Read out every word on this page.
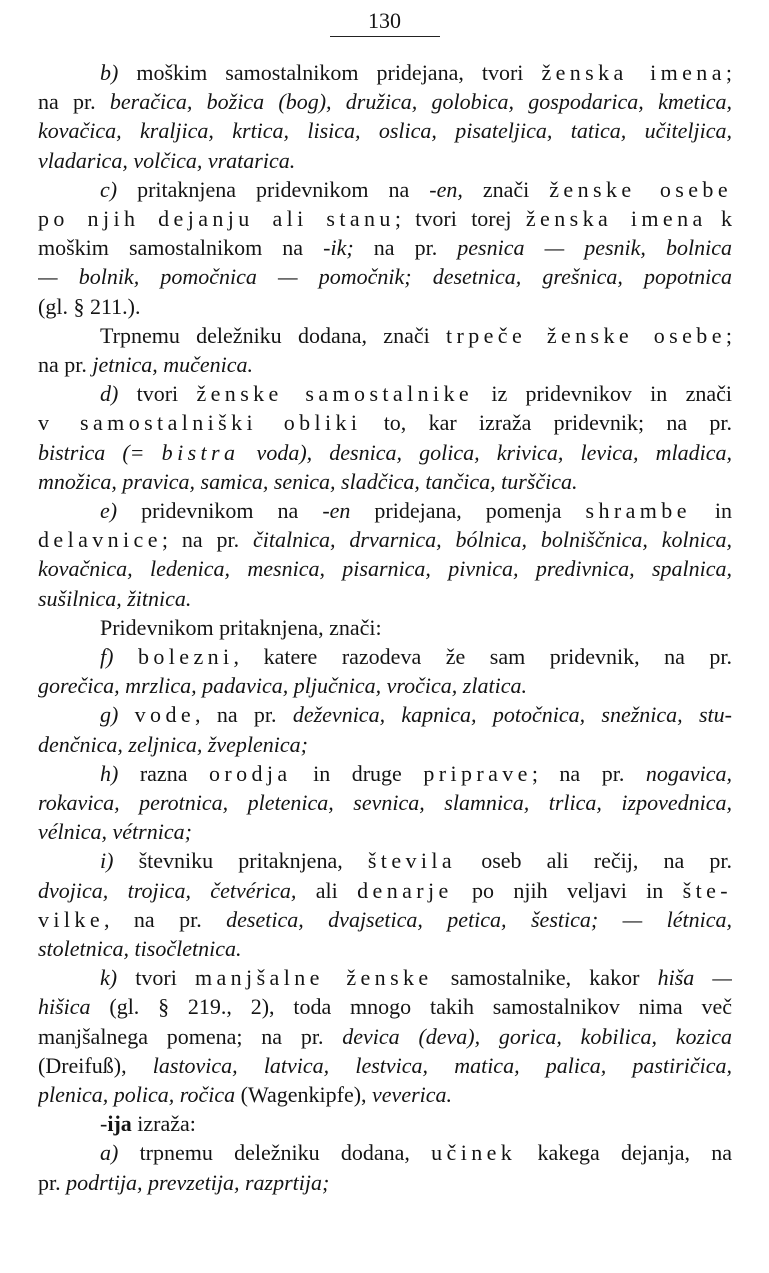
130
b) moškim samostalnikom pridejana, tvori ženska imena;
na pr. beračica, božica (bog), družica, golobica, gospodarica, kmetica,
kovačica, kraljica, krtica, lisica, oslica, pisateljica, tatica, učiteljica,
vladarica, volčica, vratarica.
c) pritaknjena pridevnikom na -en, znači ženske osebe
po njih dejanju ali stanu; tvori torej ženska imena k
moškim samostalnikom na -ik; na pr. pesnica — pesnik, bolnica
— bolnik, pomočnica — pomočnik; desetnica, grešnica, popotnica
(gl. § 211.).
Trpnemu deležniku dodana, znači trpeče ženske osebe;
na pr. jetnica, mučenica.
d) tvori ženske samostalnike iz pridevnikov in znači
v samostalniški obliki to, kar izraža pridevnik; na pr.
bistrica (= bistra voda), desnica, golica, krivica, levica, mladica,
množica, pravica, samica, senica, sladčica, tančica, turščica.
e) pridevnikom na -en pridejana, pomenja shrambe in
delavnice; na pr. čitalnica, drvarnica, bólnica, bolniščnica, kolnica,
kovačnica, ledenica, mesnica, pisarnica, pivnica, predivnica, spalnica,
sušilnica, žitnica.
Pridevnikom pritaknjena, znači:
f) bolezni, katere razodeva že sam pridevnik, na pr.
gorečica, mrzlica, padavica, pljučnica, vročica, zlatica.
g) vode, na pr. deževnica, kapnica, potočnica, snežnica, stu-
denčnica, zeljnica, žveplenica;
h) razna orodja in druge priprave; na pr. nogavica,
rokavica, perotnica, pletenica, sevnica, slamnica, trlica, izpovednica,
vélnica, vétrnica;
i) števniku pritaknjena, števila oseb ali rečij, na pr.
dvojica, trojica, četvérica, ali denarje po njih veljavi in šte-
vilke, na pr. desetica, dvajsetica, petica, šestica; — létnica,
stoletnica, tisočletnica.
k) tvori manjšalne ženske samostalnike, kakor hiša —
hišica (gl. § 219., 2), toda mnogo takih samostalnikov nima več
manjšalnega pomena; na pr. devica (deva), gorica, kobilica, kozica
(Dreifuß), lastovica, latvica, lestvica, matica, palica, pastiričica,
plenica, polica, ročica (Wagenkipfe), veverica.
-ija izraža:
a) trpnemu deležniku dodana, učinek kakega dejanja, na
pr. podrtija, prevzetija, razprtija;
